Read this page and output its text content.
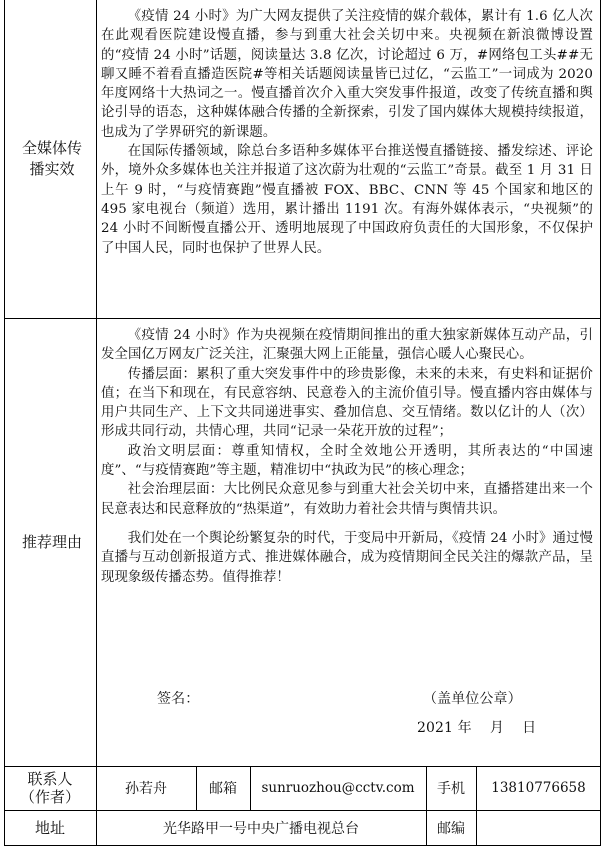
全媒体传播实效

《疫情 24 小时》为广大网友提供了关注疫情的媒介载体，累计有 1.6 亿人次在此观看医院建设慢直播，参与到重大社会关切中来。央视频在新浪微博设置的“疫情 24 小时”话题，阅读量达 3.8 亿次，讨论超过 6 万，#网络包工头##无聊又睡不着看直播造医院#等相关话题阅读量皆已过亿，“云监工”一词成为 2020 年度网络十大热词之一。慢直播首次介入重大突发事件报道，改变了传统直播和舆论引导的语态，这种媒体融合传播的全新探索，引发了国内媒体大规模持续报道，也成为了学界研究的新课题。

在国际传播领域，除总台多语种多媒体平台推送慢直播链接、播发综述、评论外，境外众多媒体也关注并报道了这次蔚为壮观的“云监工”奇景。截至 1 月 31 日上午 9 时，“与疫情赛跑”慢直播被 FOX、BBC、CNN 等 45 个国家和地区的 495 家电视台（频道）选用，累计播出 1191 次。有海外媒体表示，“央视频”的 24 小时不间断慢直播公开、透明地展现了中国政府负责任的大国形象，不仅保护了中国人民，同时也保护了世界人民。

推荐理由

《疫情 24 小时》作为央视频在疫情期间推出的重大独家新媒体互动产品，引发全国亿万网友广泛关注，汇聚强大网上正能量，强信心暖人心聚民心。

传播层面：累积了重大突发事件中的珍贵影像，未来的未来，有史料和证据价值；在当下和现在，有民意容纳、民意卷入的主流价值引导。慢直播内容由媒体与用户共同生产、上下文共同递进事实、叠加信息、交互情绪。数以亿计的人（次）形成共同行动，共情心理，共同“记录一朵花开放的过程”；

政治文明层面：尊重知情权，全时全效地公开透明，其所表达的“中国速度”、“与疫情赛跑”等主题，精准切中“执政为民”的核心理念；

社会治理层面：大比例民众意见参与到重大社会关切中来，直播搭建出来一个民意表达和民意释放的“热渠道”，有效助力着社会共情与舆情共识。

我们处在一个舆论纷繁复杂的时代，于变局中开新局，《疫情 24 小时》通过慢直播与互动创新报道方式、推进媒体融合，成为疫情期间全民关注的爆款产品，呈现现象级传播态势。值得推荐！

签名：	（盖单位公章）

2021 年    月    日

联系人（作者）	孙若舟	邮箱 sunruozhou@cctv.com 手机 13810776658
地址	光华路甲一号中央广播电视总台	邮编
